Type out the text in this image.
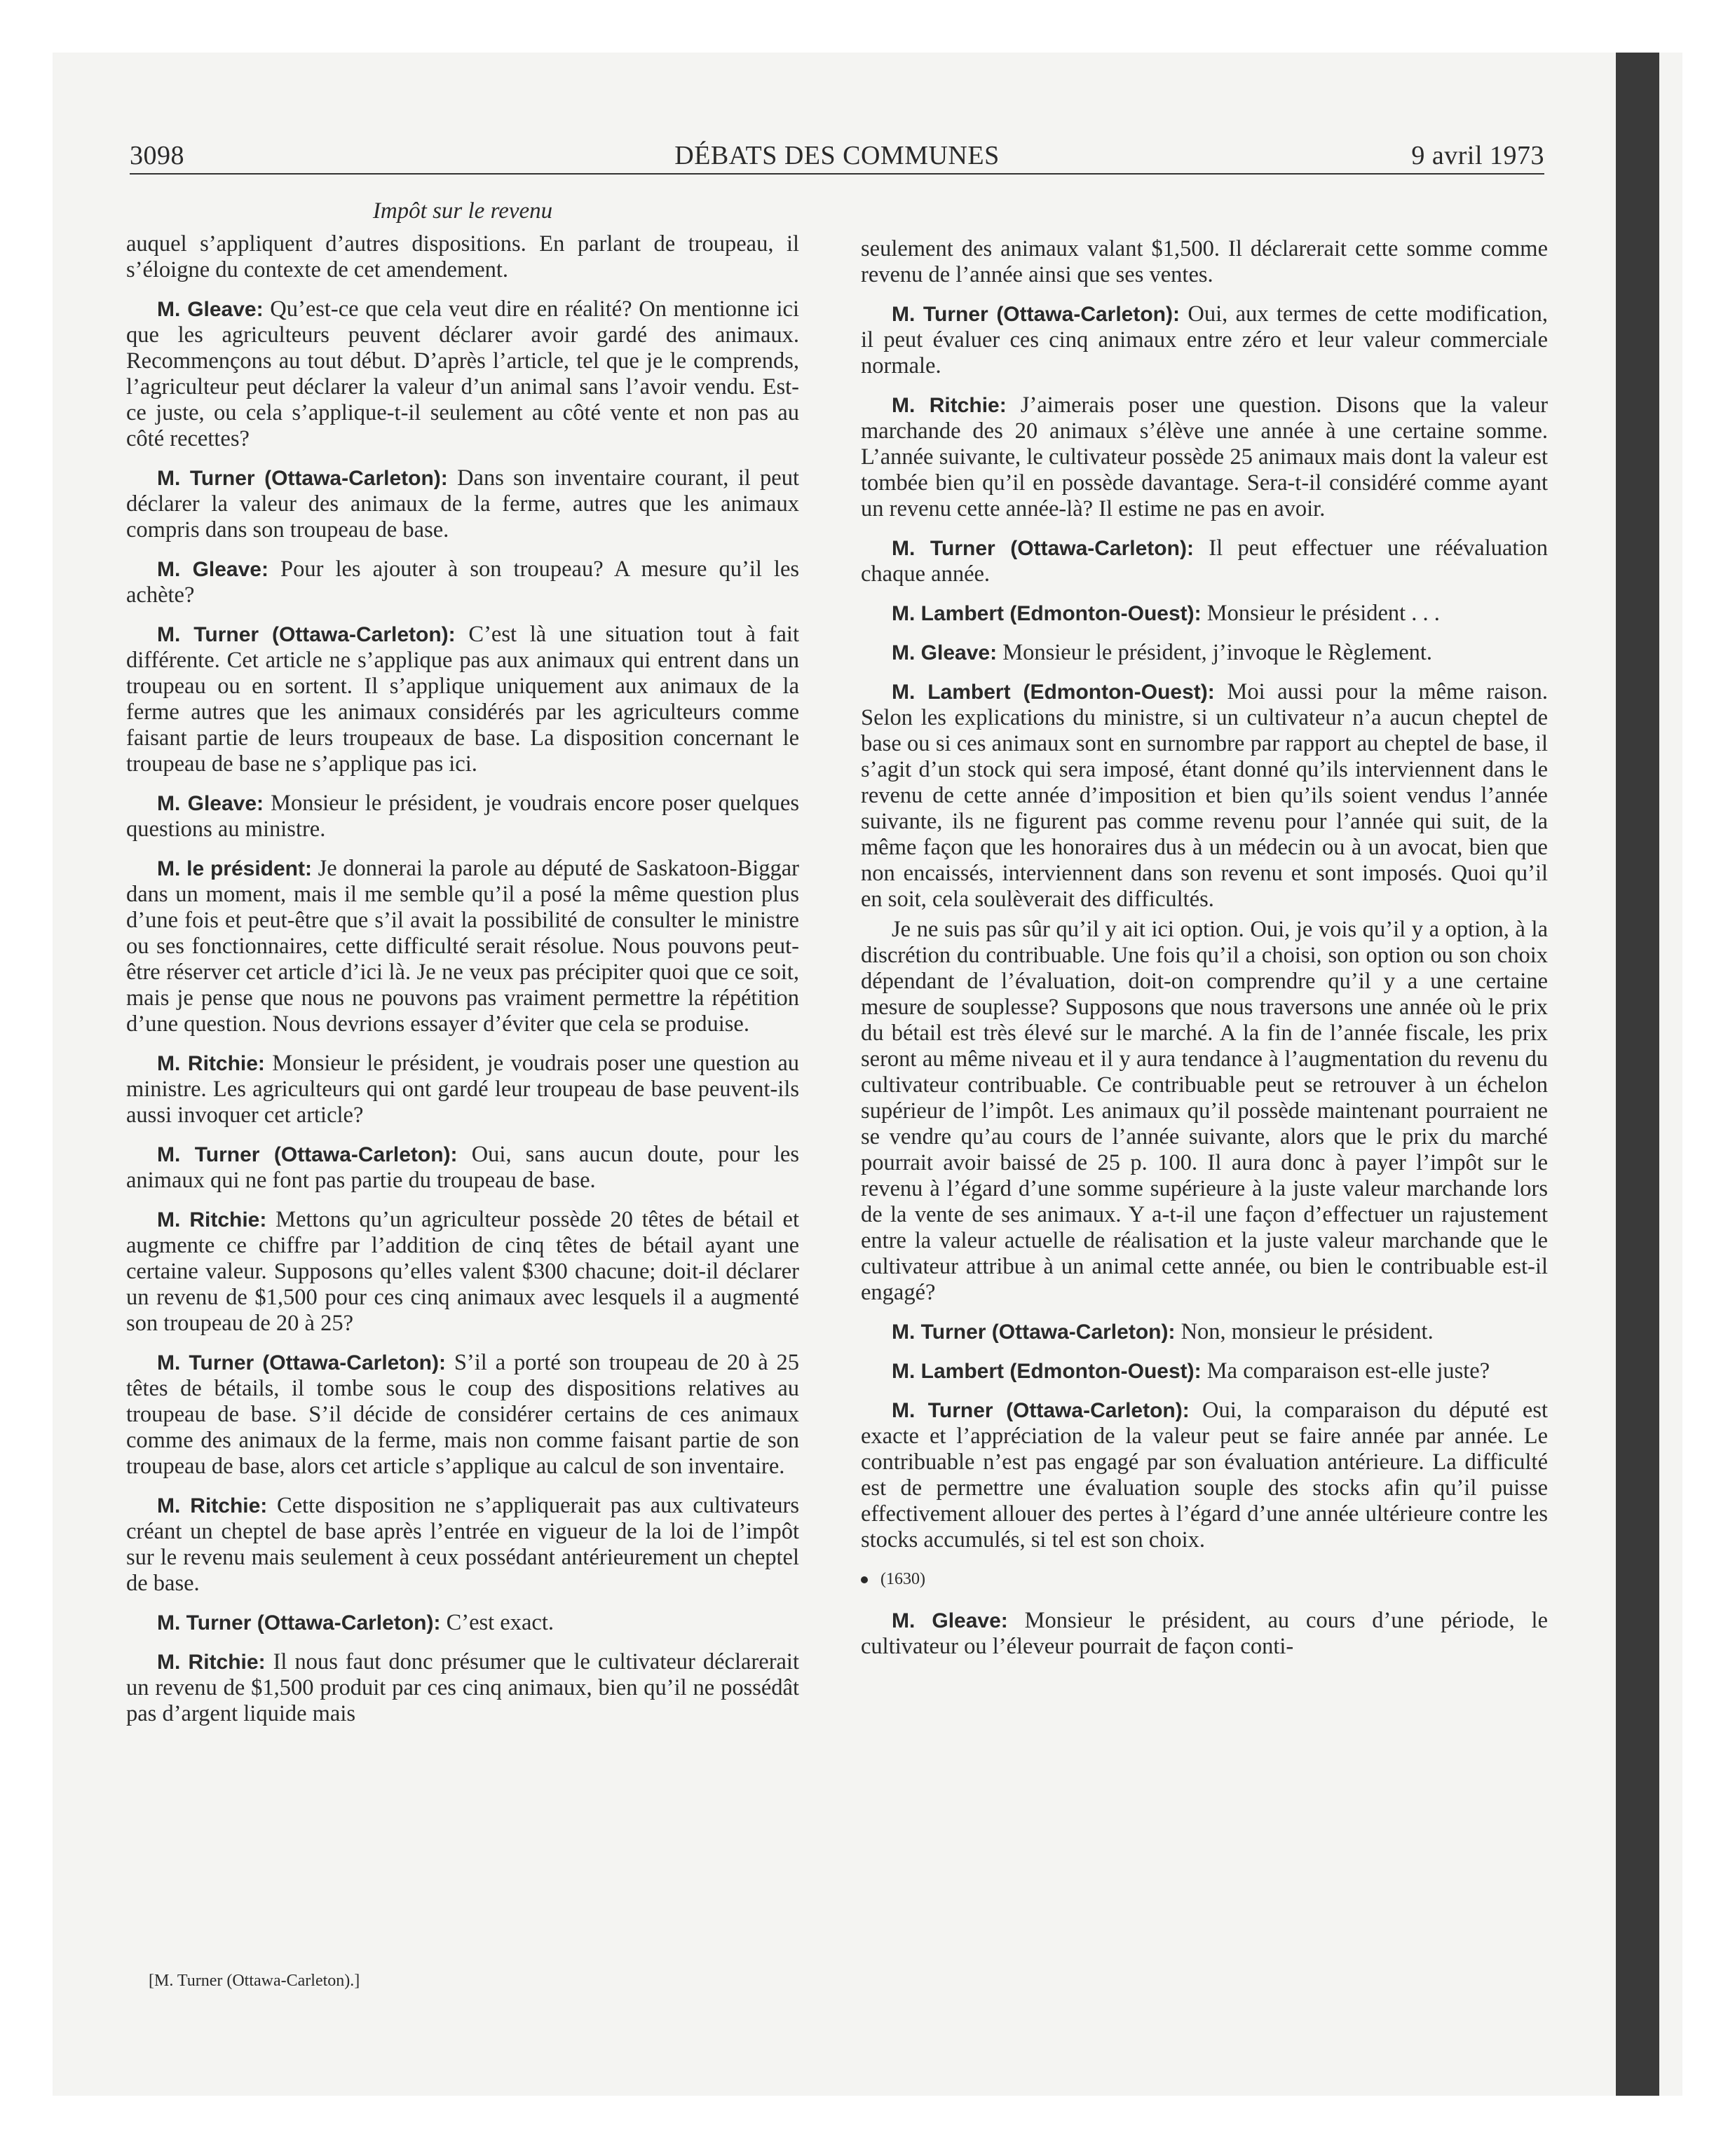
3098	DÉBATS DES COMMUNES	9 avril 1973
Impôt sur le revenu

auquel s’appliquent d’autres dispositions. En parlant de troupeau, il s’éloigne du contexte de cet amendement.

M. Gleave: Qu’est-ce que cela veut dire en réalité? On mentionne ici que les agriculteurs peuvent déclarer avoir gardé des animaux. Recommençons au tout début. D’après l’article, tel que je le comprends, l’agriculteur peut déclarer la valeur d’un animal sans l’avoir vendu. Est-ce juste, ou cela s’applique-t-il seulement au côté vente et non pas au côté recettes?

M. Turner (Ottawa-Carleton): Dans son inventaire courant, il peut déclarer la valeur des animaux de la ferme, autres que les animaux compris dans son troupeau de base.

M. Gleave: Pour les ajouter à son troupeau? A mesure qu’il les achète?

M. Turner (Ottawa-Carleton): C’est là une situation tout à fait différente. Cet article ne s’applique pas aux animaux qui entrent dans un troupeau ou en sortent. Il s’applique uniquement aux animaux de la ferme autres que les animaux considérés par les agriculteurs comme faisant partie de leurs troupeaux de base. La disposition concernant le troupeau de base ne s’applique pas ici.

M. Gleave: Monsieur le président, je voudrais encore poser quelques questions au ministre.

M. le président: Je donnerai la parole au député de Saskatoon-Biggar dans un moment, mais il me semble qu’il a posé la même question plus d’une fois et peut-être que s’il avait la possibilité de consulter le ministre ou ses fonctionnaires, cette difficulté serait résolue. Nous pouvons peut-être réserver cet article d’ici là. Je ne veux pas précipiter quoi que ce soit, mais je pense que nous ne pouvons pas vraiment permettre la répétition d’une question. Nous devrions essayer d’éviter que cela se produise.

M. Ritchie: Monsieur le président, je voudrais poser une question au ministre. Les agriculteurs qui ont gardé leur troupeau de base peuvent-ils aussi invoquer cet article?

M. Turner (Ottawa-Carleton): Oui, sans aucun doute, pour les animaux qui ne font pas partie du troupeau de base.

M. Ritchie: Mettons qu’un agriculteur possède 20 têtes de bétail et augmente ce chiffre par l’addition de cinq têtes de bétail ayant une certaine valeur. Supposons qu’elles valent $300 chacune; doit-il déclarer un revenu de $1,500 pour ces cinq animaux avec lesquels il a augmenté son troupeau de 20 à 25?

M. Turner (Ottawa-Carleton): S’il a porté son troupeau de 20 à 25 têtes de bétails, il tombe sous le coup des dispositions relatives au troupeau de base. S’il décide de considérer certains de ces animaux comme des animaux de la ferme, mais non comme faisant partie de son troupeau de base, alors cet article s’applique au calcul de son inventaire.

M. Ritchie: Cette disposition ne s’appliquerait pas aux cultivateurs créant un cheptel de base après l’entrée en vigueur de la loi de l’impôt sur le revenu mais seulement à ceux possédant antérieurement un cheptel de base.

M. Turner (Ottawa-Carleton): C’est exact.

M. Ritchie: Il nous faut donc présumer que le cultivateur déclarerait un revenu de $1,500 produit par ces cinq animaux, bien qu’il ne possédât pas d’argent liquide mais

seulement des animaux valant $1,500. Il déclarerait cette somme comme revenu de l’année ainsi que ses ventes.

M. Turner (Ottawa-Carleton): Oui, aux termes de cette modification, il peut évaluer ces cinq animaux entre zéro et leur valeur commerciale normale.

M. Ritchie: J’aimerais poser une question. Disons que la valeur marchande des 20 animaux s’élève une année à une certaine somme. L’année suivante, le cultivateur possède 25 animaux mais dont la valeur est tombée bien qu’il en possède davantage. Sera-t-il considéré comme ayant un revenu cette année-là? Il estime ne pas en avoir.

M. Turner (Ottawa-Carleton): Il peut effectuer une réévaluation chaque année.

M. Lambert (Edmonton-Ouest): Monsieur le président . . .

M. Gleave: Monsieur le président, j’invoque le Règlement.

M. Lambert (Edmonton-Ouest): Moi aussi pour la même raison. Selon les explications du ministre, si un cultivateur n’a aucun cheptel de base ou si ces animaux sont en surnombre par rapport au cheptel de base, il s’agit d’un stock qui sera imposé, étant donné qu’ils interviennent dans le revenu de cette année d’imposition et bien qu’ils soient vendus l’année suivante, ils ne figurent pas comme revenu pour l’année qui suit, de la même façon que les honoraires dus à un médecin ou à un avocat, bien que non encaissés, interviennent dans son revenu et sont imposés. Quoi qu’il en soit, cela soulèverait des difficultés.

Je ne suis pas sûr qu’il y ait ici option. Oui, je vois qu’il y a option, à la discrétion du contribuable. Une fois qu’il a choisi, son option ou son choix dépendant de l’évaluation, doit-on comprendre qu’il y a une certaine mesure de souplesse? Supposons que nous traversons une année où le prix du bétail est très élevé sur le marché. A la fin de l’année fiscale, les prix seront au même niveau et il y aura tendance à l’augmentation du revenu du cultivateur contribuable. Ce contribuable peut se retrouver à un échelon supérieur de l’impôt. Les animaux qu’il possède maintenant pourraient ne se vendre qu’au cours de l’année suivante, alors que le prix du marché pourrait avoir baissé de 25 p. 100. Il aura donc à payer l’impôt sur le revenu à l’égard d’une somme supérieure à la juste valeur marchande lors de la vente de ses animaux. Y a-t-il une façon d’effectuer un rajustement entre la valeur actuelle de réalisation et la juste valeur marchande que le cultivateur attribue à un animal cette année, ou bien le contribuable est-il engagé?

M. Turner (Ottawa-Carleton): Non, monsieur le président.

M. Lambert (Edmonton-Ouest): Ma comparaison est-elle juste?

M. Turner (Ottawa-Carleton): Oui, la comparaison du député est exacte et l’appréciation de la valeur peut se faire année par année. Le contribuable n’est pas engagé par son évaluation antérieure. La difficulté est de permettre une évaluation souple des stocks afin qu’il puisse effectivement allouer des pertes à l’égard d’une année ultérieure contre les stocks accumulés, si tel est son choix.

(1630)

M. Gleave: Monsieur le président, au cours d’une période, le cultivateur ou l’éleveur pourrait de façon conti-

[M. Turner (Ottawa-Carleton).]
